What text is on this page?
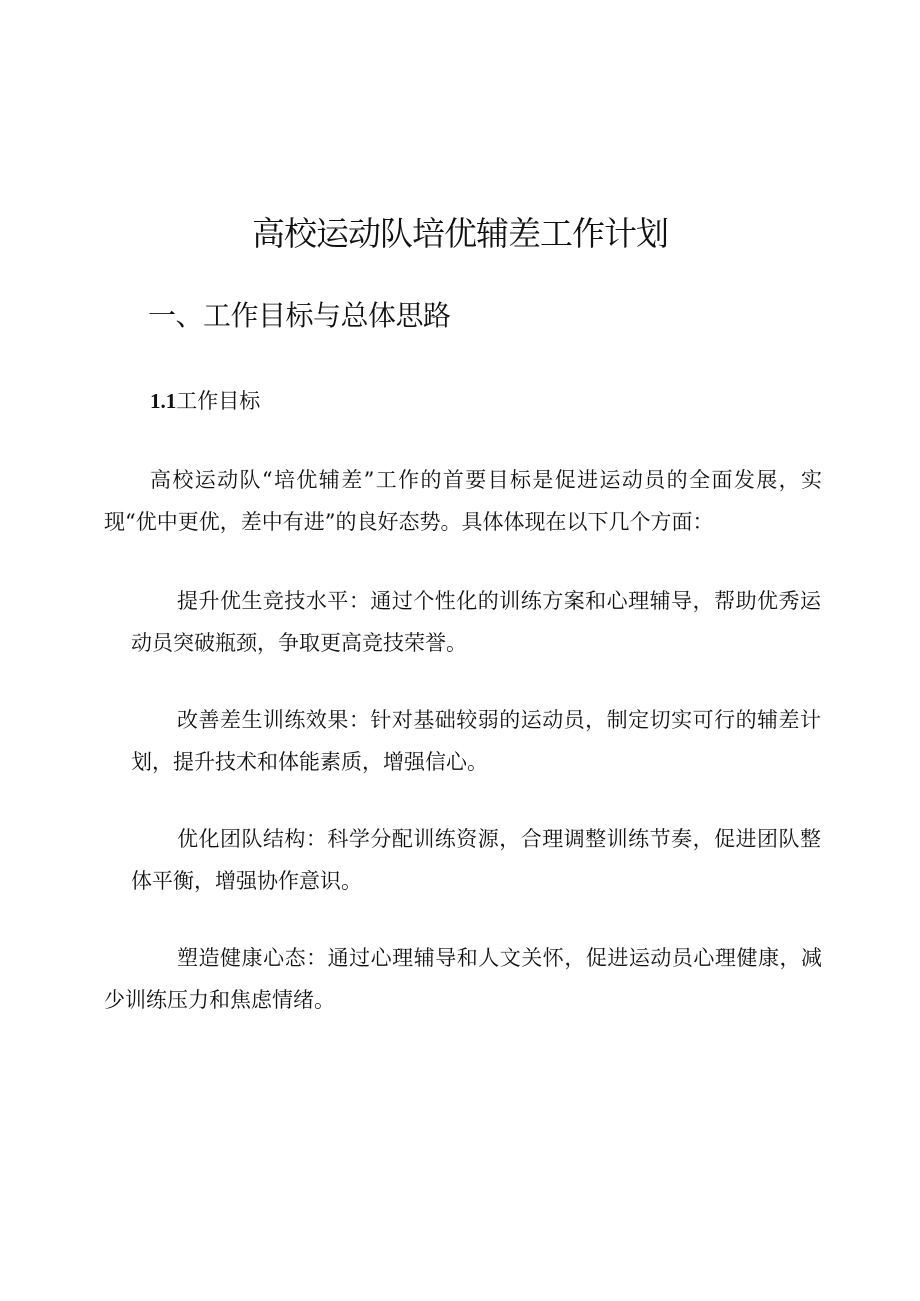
高校运动队培优辅差工作计划
一、工作目标与总体思路
1.1工作目标

高校运动队“培优辅差”工作的首要目标是促进运动员的全面发展，实现“优中更优，差中有进”的良好态势。具体体现在以下几个方面：

提升优生竞技水平：通过个性化的训练方案和心理辅导，帮助优秀运动员突破瓶颈，争取更高竞技荣誉。

改善差生训练效果：针对基础较弱的运动员，制定切实可行的辅差计划，提升技术和体能素质，增强信心。

优化团队结构：科学分配训练资源，合理调整训练节奏，促进团队整体平衡，增强协作意识。

塑造健康心态：通过心理辅导和人文关怀，促进运动员心理健康，减少训练压力和焦虑情绪。
